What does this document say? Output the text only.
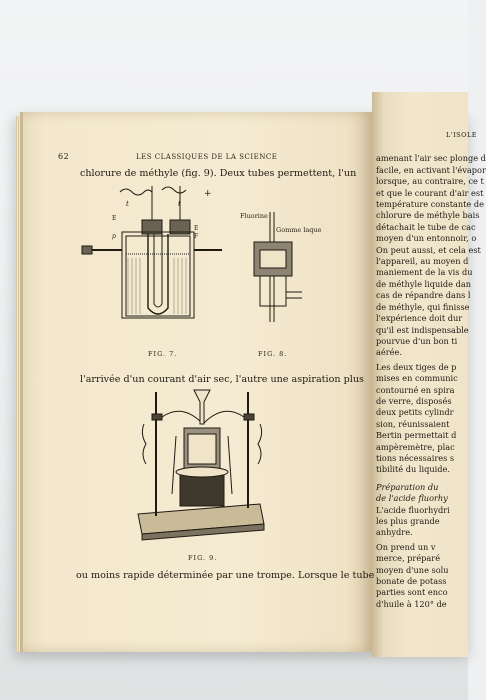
62	LES CLASSIQUES DE LA SCIENCE
chlorure de méthyle (fig. 9). Deux tubes permettent, l'un
+
t	t
E
E
p	F
FIG. 7.
Fluorine
Gomme laque
FIG. 8.
l'arrivée d'un courant d'air sec, l'autre une aspiration plus
FIG. 9.
ou moins rapide déterminée par une trompe. Lorsque le tube
L'ISOLE
amenant l'air sec plonge d
facile, en activant l'évapor
lorsque, au contraire, ce t
et que le courant d'air est
température constante de
chlorure de méthyle bais
détachait le tube de cac
moyen d'un entonnoir, o
On peut aussi, et cela est
l'appareil, au moyen d
maniement de la vis du
de méthyle liquide dan
cas de répandre dans l
de méthyle, qui finisse
l'expérience doit dur
qu'il est indispensable
pourvue d'un bon ti
aérée.
Les deux tiges de p
mises en communic
contourné en spira
de verre, disposés
deux petits cylindr
sion, réunissaient
Bertin permettait d
ampèremètre, plac
tions nécessaires s
tibilité du liquide.
Préparation du
de l'acide fluorhy
L'acide fluorhydri
les plus grande
anhydre.
On prend un v
merce, préparé
moyen d'une solu
bonate de potass
parties sont enco
d'huile à 120° de
